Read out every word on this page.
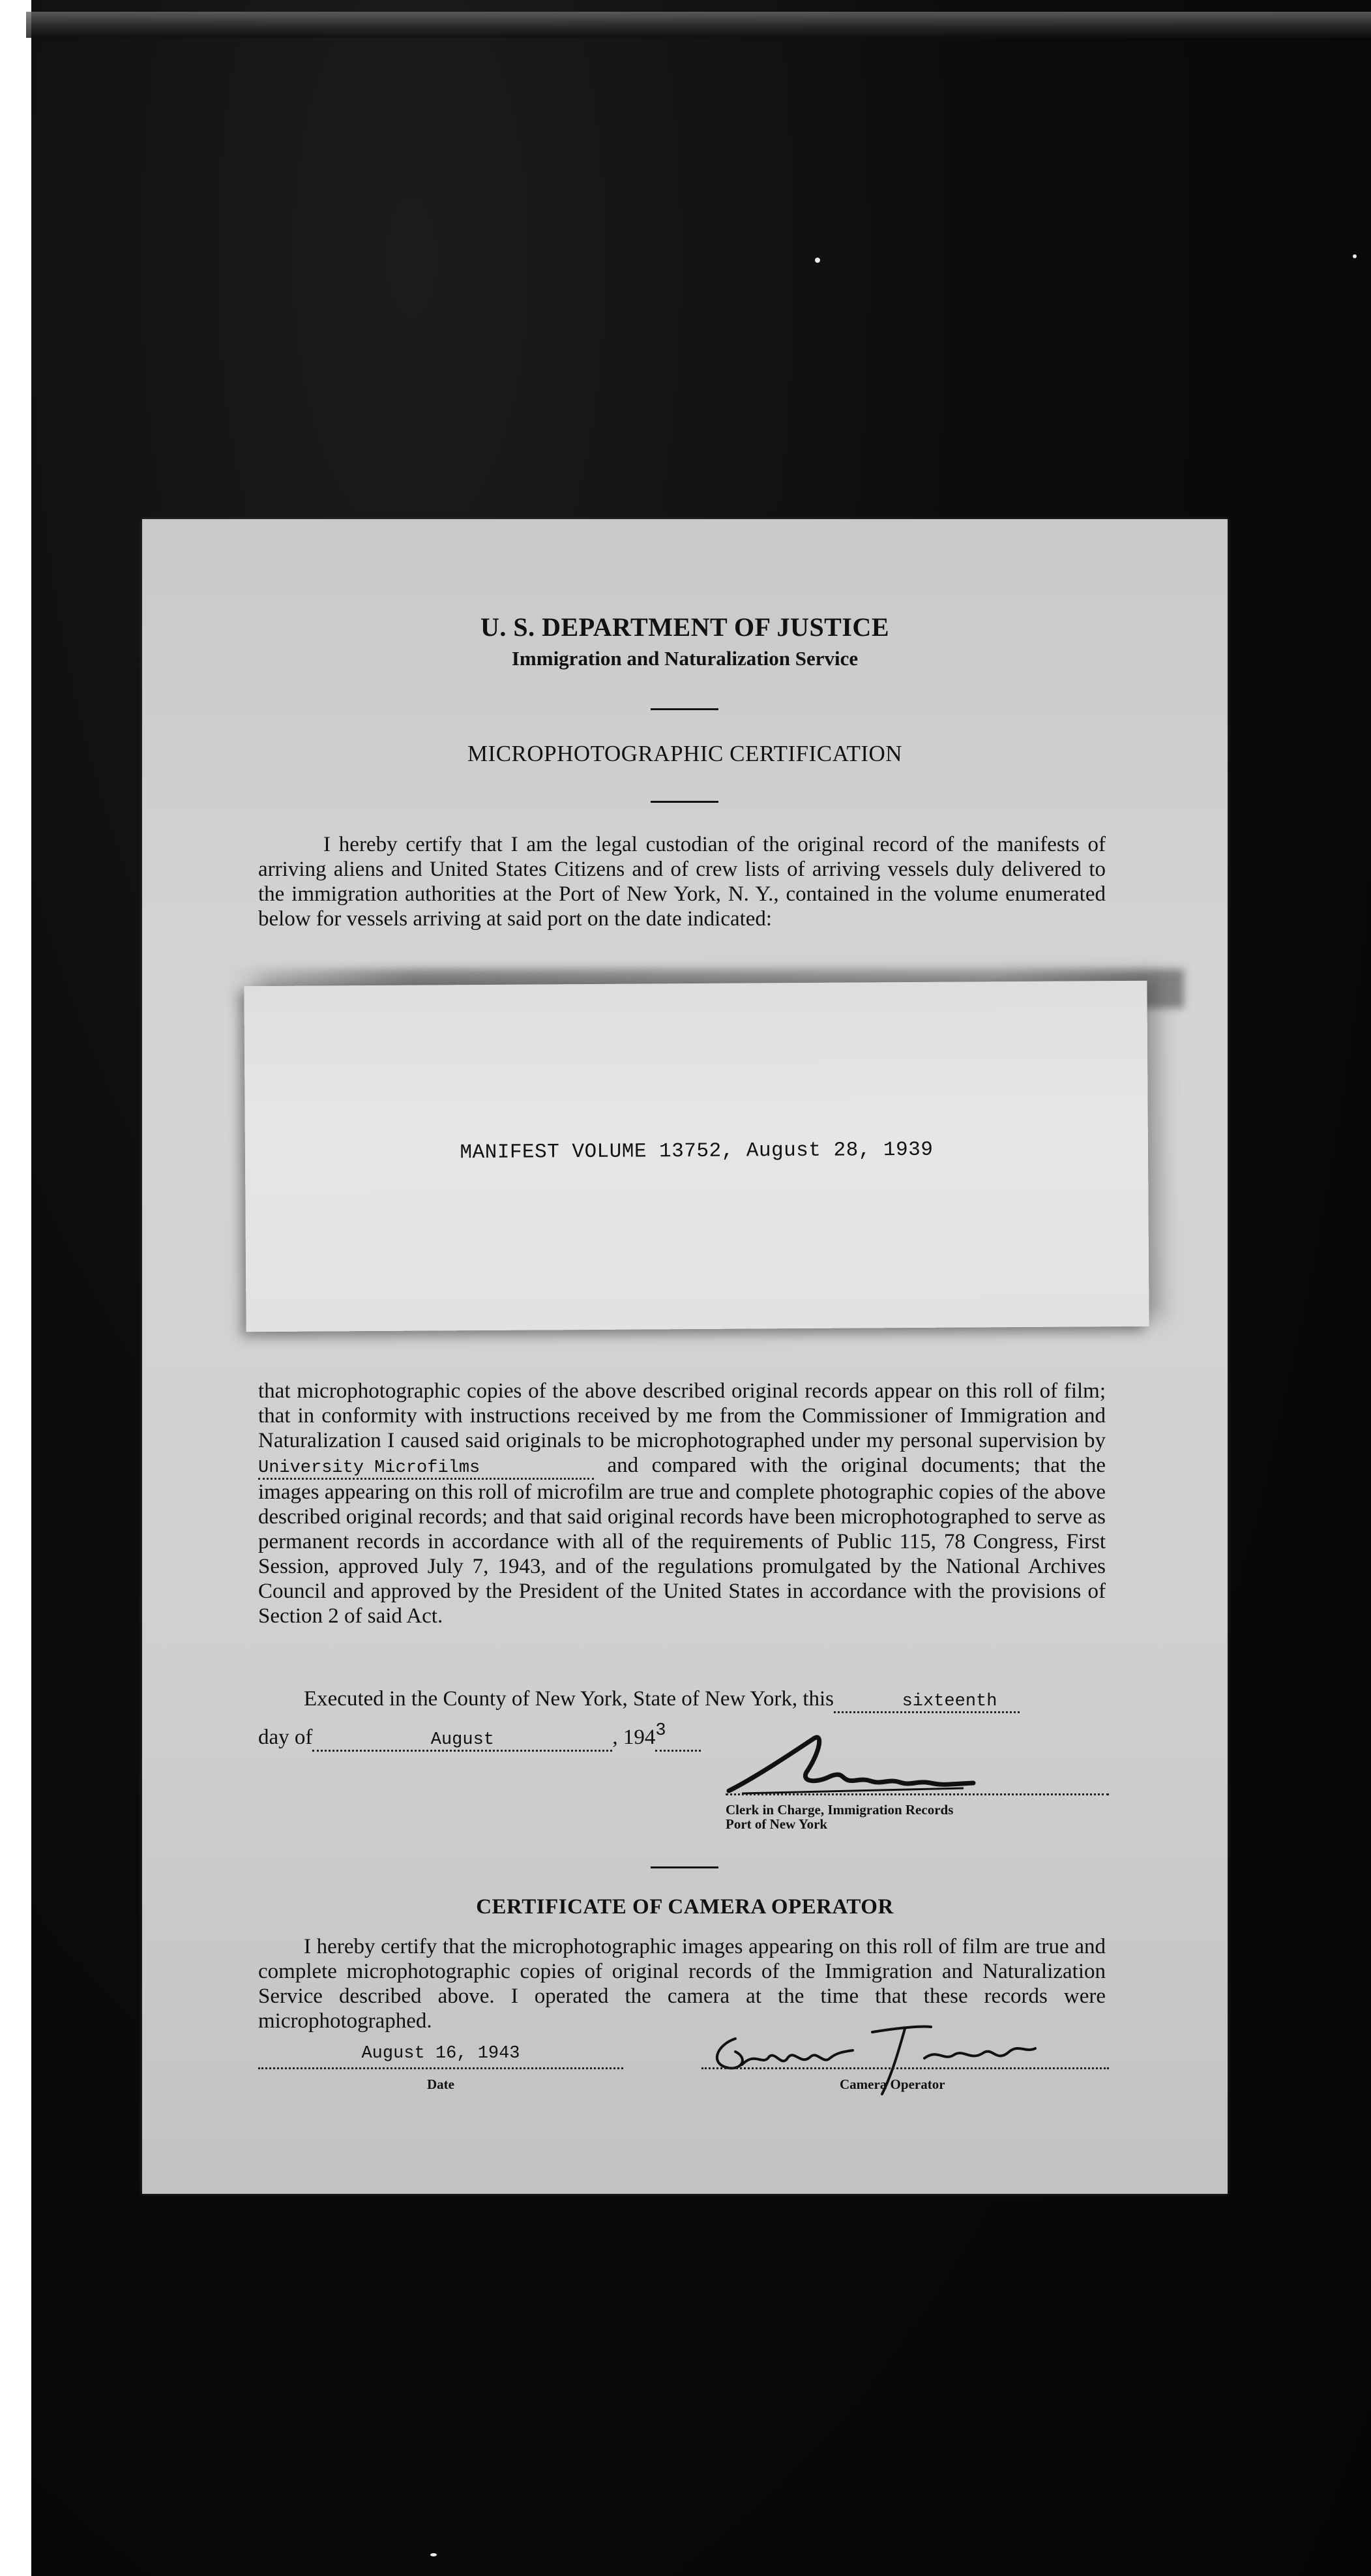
U. S. DEPARTMENT OF JUSTICE
Immigration and Naturalization Service
MICROPHOTOGRAPHIC CERTIFICATION
I hereby certify that I am the legal custodian of the original record of the manifests of arriving aliens and United States Citizens and of crew lists of arriving vessels duly delivered to the immigration authorities at the Port of New York, N. Y., contained in the volume enumerated below for vessels arriving at said port on the date indicated:
MANIFEST VOLUME 13752, August 28, 1939
that microphotographic copies of the above described original records appear on this roll of film; that in conformity with instructions received by me from the Commissioner of Immigration and Naturalization I caused said originals to be microphotographed under my personal supervision byUniversity Microfilms	and compared with the original documents; that the images appearing on this roll of microfilm are true and complete photographic copies of the above described original records; and that said original records have been microphotographed to serve as permanent records in accordance with all of the requirements of Public 115, 78 Congress, First Session, approved July 7, 1943, and of the regulations promulgated by the National Archives Council and approved by the President of the United States in accordance with the provisions of Section 2 of said Act.
Executed in the County of New York, State of New York, this	sixteenth
day of	August	, $194^3$
Clerk in Charge, Immigration Records
Port of New York
CERTIFICATE OF CAMERA OPERATOR
I hereby certify that the microphotographic images appearing on this roll of film are true and complete microphotographic copies of original records of the Immigration and Naturalization Service described above. I operated the camera at the time that these records were microphotographed.
August 16, 1943
Date	Camera Operator
